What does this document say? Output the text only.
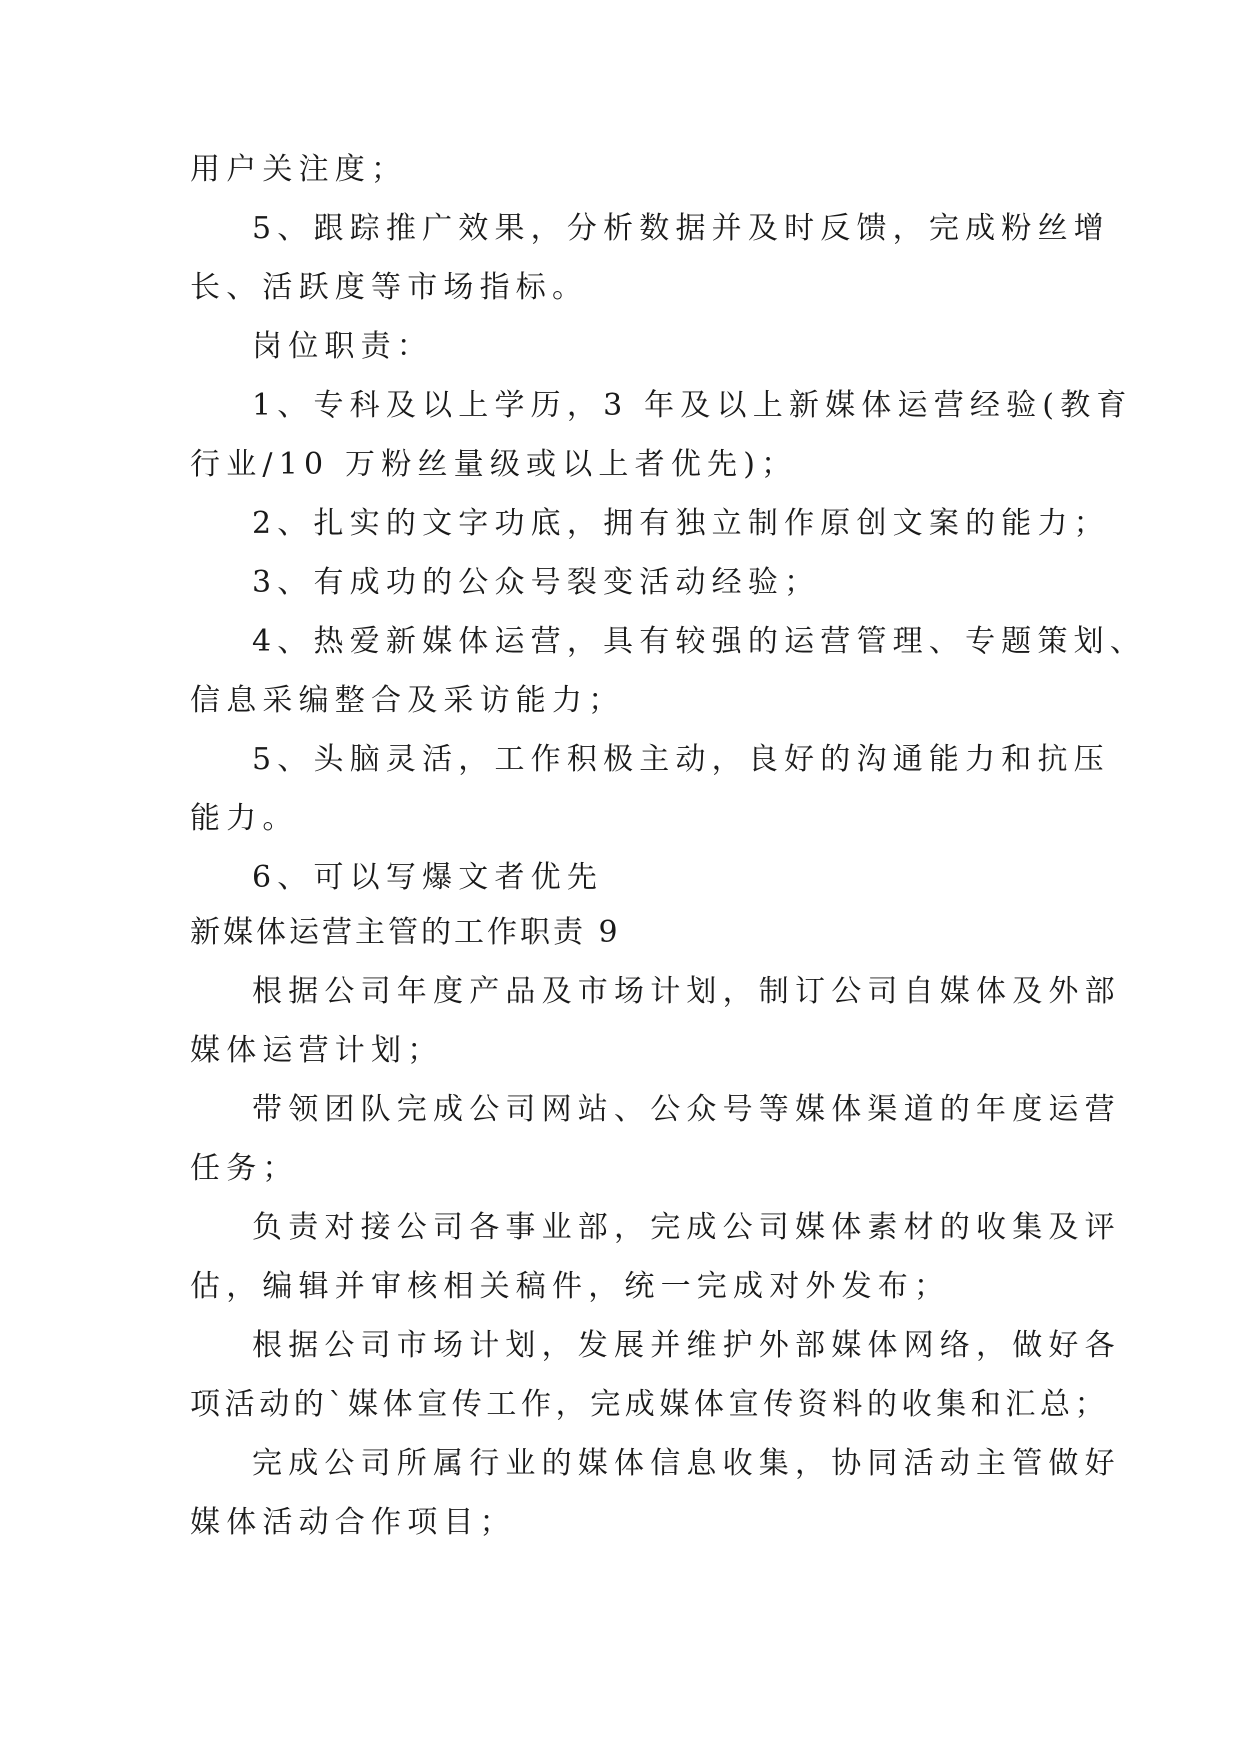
用户关注度；
5、跟踪推广效果，分析数据并及时反馈，完成粉丝增
长、活跃度等市场指标。
岗位职责：
1、专科及以上学历，3 年及以上新媒体运营经验(教育
行业/10 万粉丝量级或以上者优先)；
2、扎实的文字功底，拥有独立制作原创文案的能力；
3、有成功的公众号裂变活动经验；
4、热爱新媒体运营，具有较强的运营管理、专题策划、
信息采编整合及采访能力；
5、头脑灵活，工作积极主动，良好的沟通能力和抗压
能力。
6、可以写爆文者优先
新媒体运营主管的工作职责 9
根据公司年度产品及市场计划，制订公司自媒体及外部
媒体运营计划；
带领团队完成公司网站、公众号等媒体渠道的年度运营
任务；
负责对接公司各事业部，完成公司媒体素材的收集及评
估，编辑并审核相关稿件，统一完成对外发布；
根据公司市场计划，发展并维护外部媒体网络，做好各
项活动的`媒体宣传工作，完成媒体宣传资料的收集和汇总；
完成公司所属行业的媒体信息收集，协同活动主管做好
媒体活动合作项目；
